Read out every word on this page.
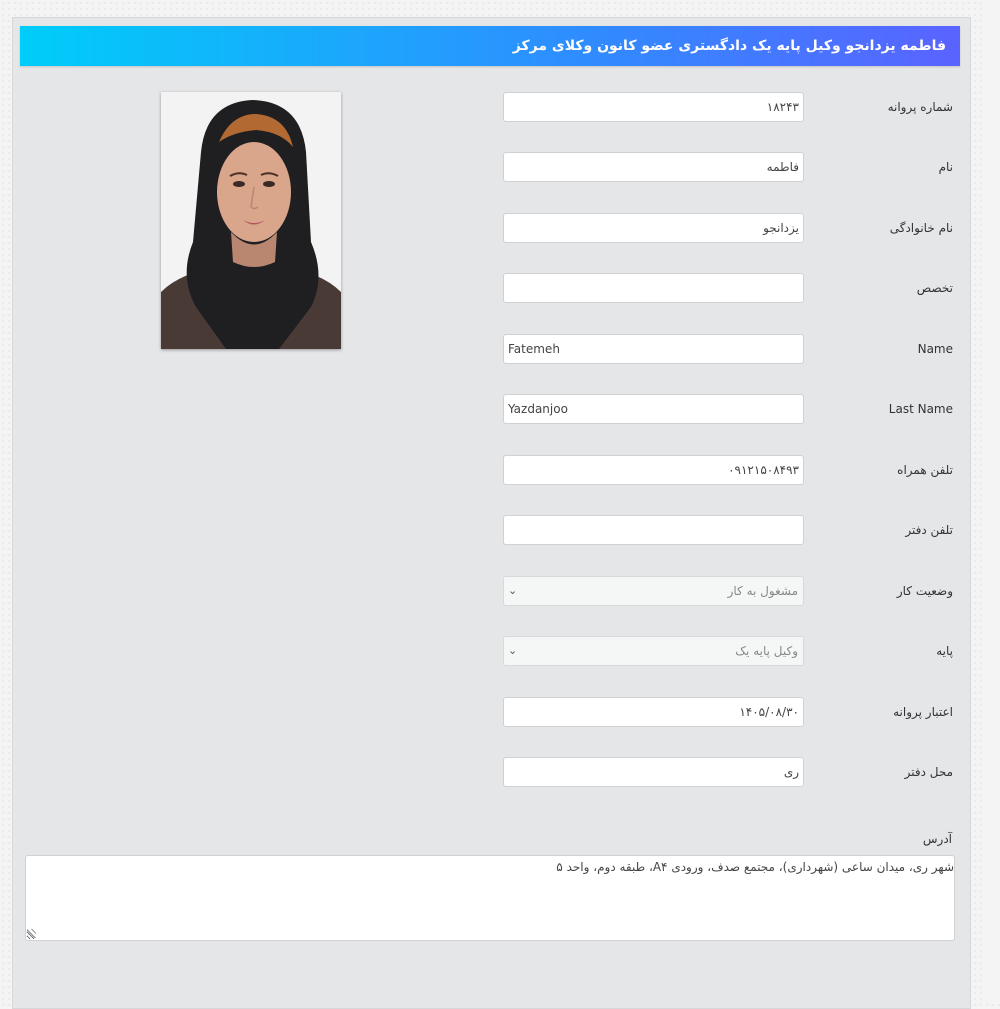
فاطمه یزدانجو وکیل پایه یک دادگستری عضو کانون وکلای مرکز
۱۸۲۴۳
شماره پروانه
فاطمه
نام
یزدانجو
نام خانوادگی
تخصص
Fatemeh
Name
Yazdanjoo
Last Name
۰۹۱۲۱۵۰۸۴۹۳
تلفن همراه
تلفن دفتر
مشغول به کار
⌄	وضعیت کار
وکیل پایه یک
⌄	پایه
۱۴۰۵/۰۸/۳۰
اعتبار پروانه
ری
محل دفتر
آدرس
شهر ری، میدان ساعی (شهرداری)، مجتمع صدف، ورودی A۴، طبقه دوم، واحد ۵
